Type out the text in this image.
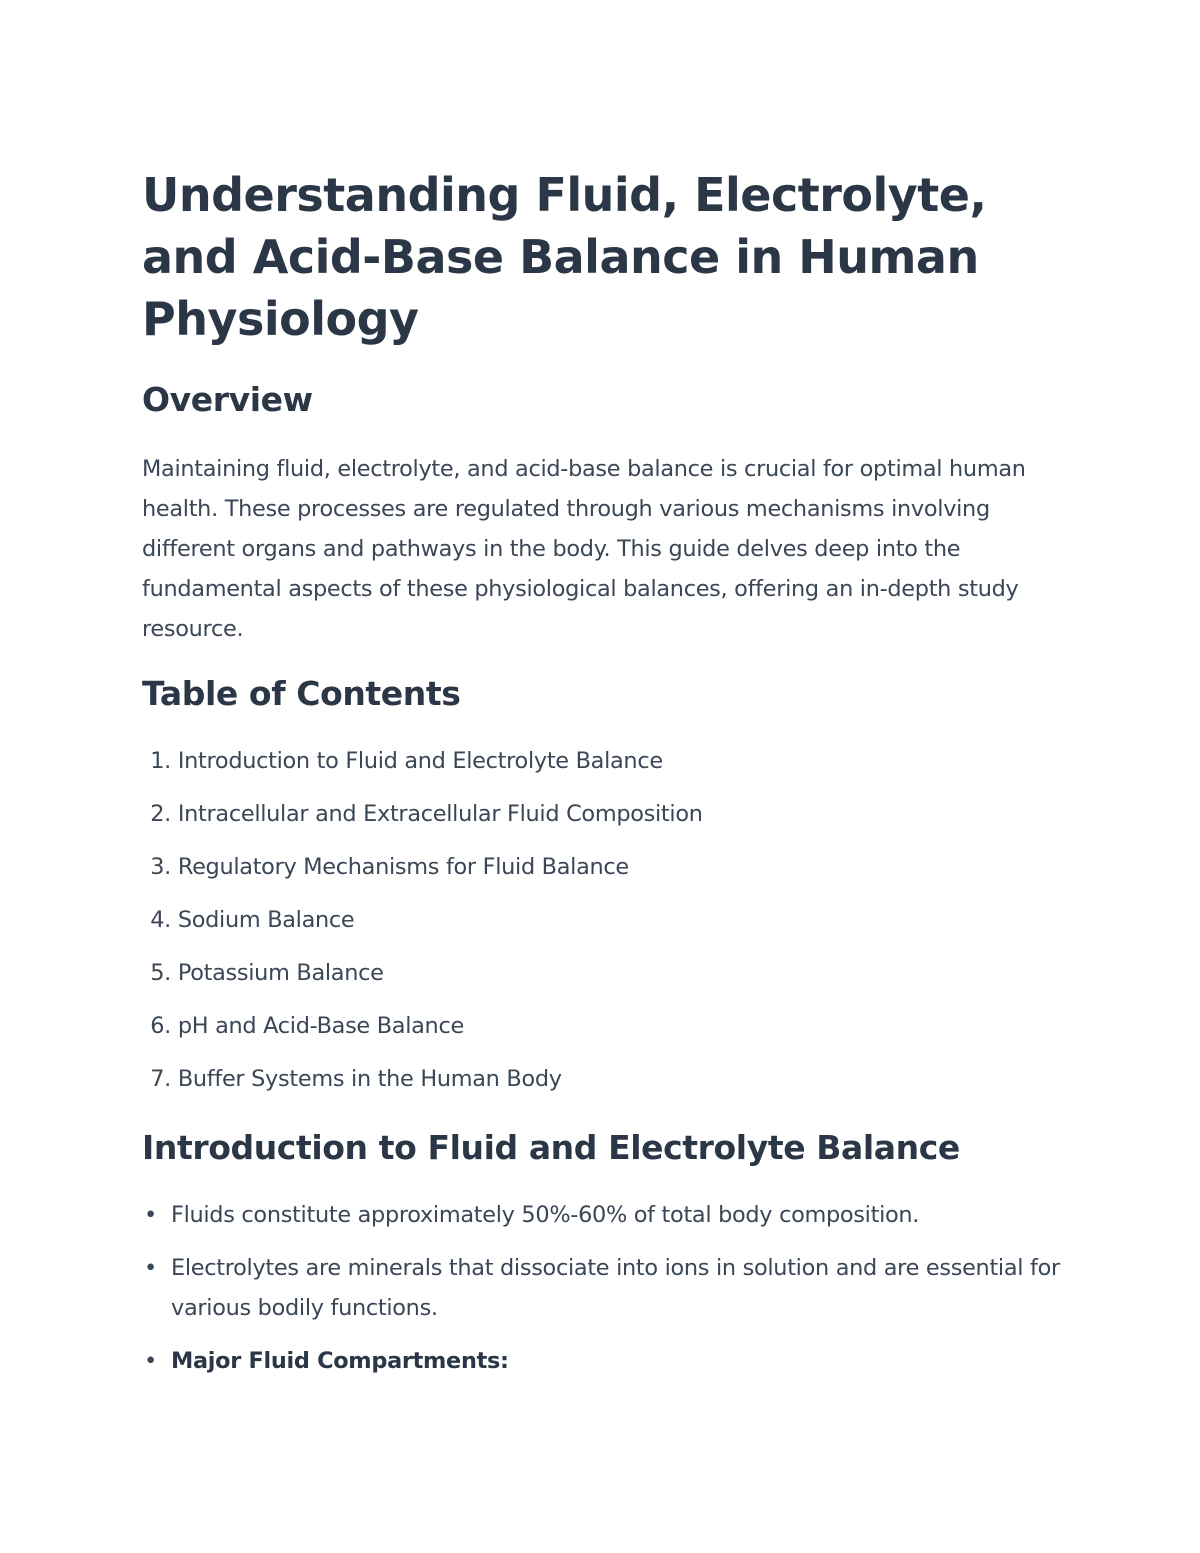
Understanding Fluid, Electrolyte, and Acid-Base Balance in Human Physiology
Overview

Maintaining fluid, electrolyte, and acid-base balance is crucial for optimal human health. These processes are regulated through various mechanisms involving different organs and pathways in the body. This guide delves deep into the fundamental aspects of these physiological balances, offering an in-depth study resource.

Table of Contents
1. Introduction to Fluid and Electrolyte Balance
2. Intracellular and Extracellular Fluid Composition
3. Regulatory Mechanisms for Fluid Balance
4. Sodium Balance
5. Potassium Balance
6. pH and Acid-Base Balance
7. Buffer Systems in the Human Body
Introduction to Fluid and Electrolyte Balance
• Fluids constitute approximately 50%-60% of total body composition.
• Electrolytes are minerals that dissociate into ions in solution and are essential for various bodily functions.
• Major Fluid Compartments:
